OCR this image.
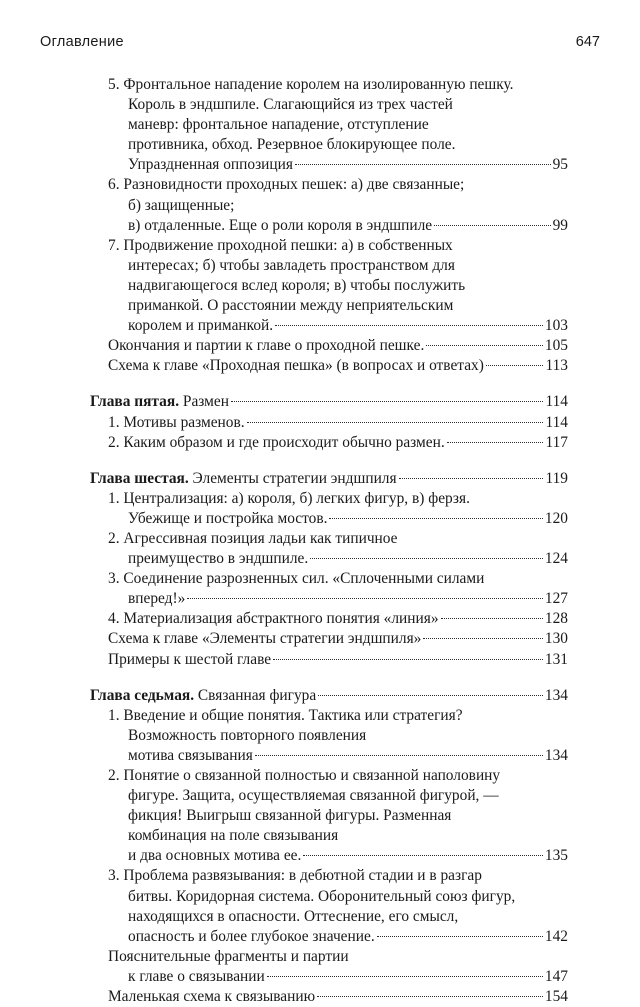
Оглавление	647
5. Фронтальное нападение королем на изолированную пешку.
Король в эндшпиле. Слагающийся из трех частей
маневр: фронтальное нападение, отступление
противника, обход. Резервное блокирующее поле.
Упраздненная оппозиция	95
6. Разновидности проходных пешек: а) две связанные;
б) защищенные;
в) отдаленные. Еще о роли короля в эндшпиле	99
7. Продвижение проходной пешки: а) в собственных
интересах; б) чтобы завладеть пространством для
надвигающегося вслед короля; в) чтобы послужить
приманкой. О расстоянии между неприятельским
королем и приманкой.	103
Окончания и партии к главе о проходной пешке.	105
Схема к главе «Проходная пешка» (в вопросах и ответах)	113
Глава пятая. Размен	114
1. Мотивы разменов.	114
2. Каким образом и где происходит обычно размен.	117
Глава шестая. Элементы стратегии эндшпиля	119
1. Централизация: а) короля, б) легких фигур, в) ферзя.
Убежище и постройка мостов.	120
2. Агрессивная позиция ладьи как типичное
преимущество в эндшпиле.	124
3. Соединение разрозненных сил. «Сплоченными силами
вперед!»	127
4. Материализация абстрактного понятия «линия»	128
Схема к главе «Элементы стратегии эндшпиля»	130
Примеры к шестой главе	131
Глава седьмая. Связанная фигура	134
1. Введение и общие понятия. Тактика или стратегия?
Возможность повторного появления
мотива связывания	134
2. Понятие о связанной полностью и связанной наполовину
фигуре. Защита, осуществляемая связанной фигурой, —
фикция! Выигрыш связанной фигуры. Разменная
комбинация на поле связывания
и два основных мотива ее.	135
3. Проблема развязывания: в дебютной стадии и в разгар
битвы. Коридорная система. Оборонительный союз фигур,
находящихся в опасности. Оттеснение, его смысл,
опасность и более глубокое значение.	142
Пояснительные фрагменты и партии
к главе о связывании	147
Маленькая схема к связыванию	154
